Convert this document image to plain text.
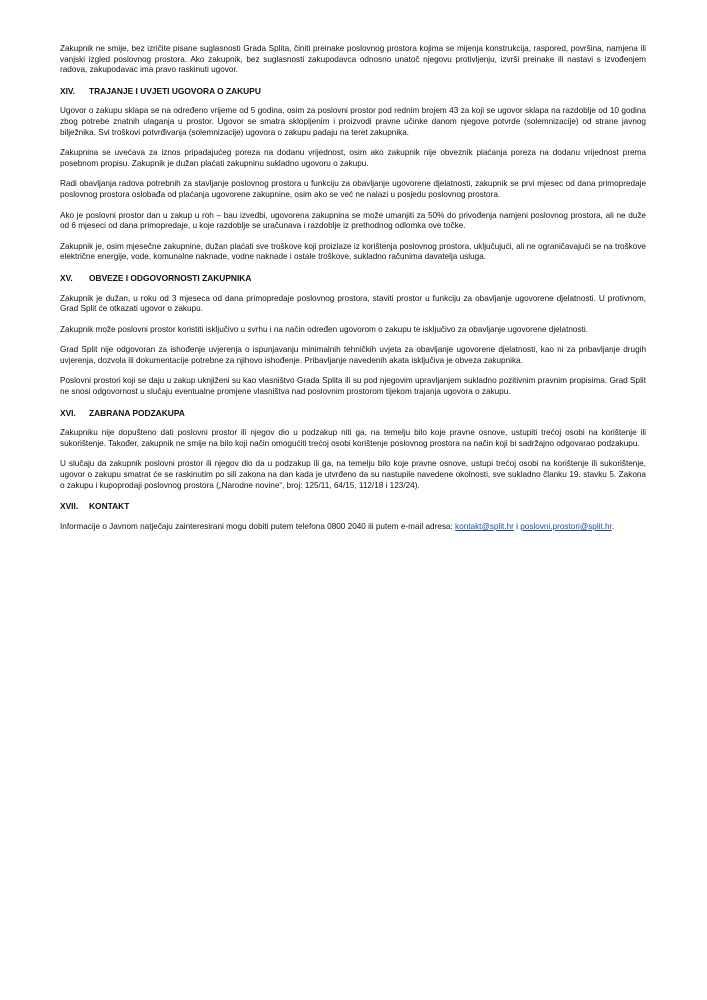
Zakupnik ne smije, bez izričite pisane suglasnosti Grada Splita, činiti preinake poslovnog prostora kojima se mijenja konstrukcija, raspored, površina, namjena ili vanjski izgled poslovnog prostora. Ako zakupnik, bez suglasnosti zakupodavca odnosno unatoč njegovu protivljenju, izvrši preinake ili nastavi s izvođenjem radova, zakupodavac ima pravo raskinuti ugovor.

XIV.	TRAJANJE I UVJETI UGOVORA O ZAKUPU

Ugovor o zakupu sklapa se na određeno vrijeme od 5 godina, osim za poslovni prostor pod rednim brojem 43 za koji se ugovor sklapa na razdoblje od 10 godina zbog potrebe znatnih ulaganja u prostor. Ugovor se smatra sklopljenim i proizvodi pravne učinke danom njegove potvrde (solemnizacije) od strane javnog bilježnika. Svi troškovi potvrđivanja (solemnizacije) ugovora o zakupu padaju na teret zakupnika.

Zakupnina se uvećava za iznos pripadajućeg poreza na dodanu vrijednost, osim ako zakupnik nije obveznik plaćanja poreza na dodanu vrijednost prema posebnom propisu. Zakupnik je dužan plaćati zakupninu sukladno ugovoru o zakupu.

Radi obavljanja radova potrebnih za stavljanje poslovnog prostora u funkciju za obavljanje ugovorene djelatnosti, zakupnik se prvi mjesec od dana primopredaje poslovnog prostora oslobađa od plaćanja ugovorene zakupnine, osim ako se već ne nalazi u posjedu poslovnog prostora.

Ako je poslovni prostor dan u zakup u roh – bau izvedbi, ugovorena zakupnina se može umanjiti za 50% do privođenja namjeni poslovnog prostora, ali ne duže od 6 mjeseci od dana primopredaje, u koje razdoblje se uračunava i razdoblje iz prethodnog odlomka ove točke.

Zakupnik je, osim mjesečne zakupnine, dužan plaćati sve troškove koji proizlaze iz korištenja poslovnog prostora, uključujući, ali ne ograničavajući se na troškove električne energije, vode, komunalne naknade, vodne naknade i ostale troškove, sukladno računima davatelja usluga.

XV.	OBVEZE I ODGOVORNOSTI ZAKUPNIKA

Zakupnik je dužan, u roku od 3 mjeseca od dana primopredaje poslovnog prostora, staviti prostor u funkciju za obavljanje ugovorene djelatnosti. U protivnom, Grad Split će otkazati ugovor o zakupu.

Zakupnik može poslovni prostor koristiti isključivo u svrhu i na način određen ugovorom o zakupu te isključivo za obavljanje ugovorene djelatnosti.

Grad Split nije odgovoran za ishođenje uvjerenja o ispunjavanju minimalnih tehničkih uvjeta za obavljanje ugovorene djelatnosti, kao ni za pribavljanje drugih uvjerenja, dozvola ili dokumentacije potrebne za njihovo ishođenje. Pribavljanje navedenih akata isključiva je obveza zakupnika.

Poslovni prostori koji se daju u zakup uknjiženi su kao vlasništvo Grada Splita ili su pod njegovim upravljanjem sukladno pozitivnim pravnim propisima. Grad Split ne snosi odgovornost u slučaju eventualne promjene vlasništva nad poslovnim prostorom tijekom trajanja ugovora o zakupu.

XVI.	ZABRANA PODZAKUPA

Zakupniku nije dopušteno dati poslovni prostor ili njegov dio u podzakup niti ga, na temelju bilo koje pravne osnove, ustupiti trećoj osobi na korištenje ili sukorištenje. Također, zakupnik ne smije na bilo koji način omogućiti trećoj osobi korištenje poslovnog prostora na način koji bi sadržajno odgovarao podzakupu.

U slučaju da zakupnik poslovni prostor ili njegov dio da u podzakup ili ga, na temelju bilo koje pravne osnove, ustupi trećoj osobi na korištenje ili sukorištenje, ugovor o zakupu smatrat će se raskinutim po sili zakona na dan kada je utvrđeno da su nastupile navedene okolnosti, sve sukladno članku 19. stavku 5. Zakona o zakupu i kupoprodaji poslovnog prostora („Narodne novine“, broj: 125/11, 64/15, 112/18 i 123/24).

XVII.	KONTAKT

Informacije o Javnom natječaju zainteresirani mogu dobiti putem telefona 0800 2040 ili putem e-mail adresa: kontakt@split.hr i poslovni.prostori@split.hr.
